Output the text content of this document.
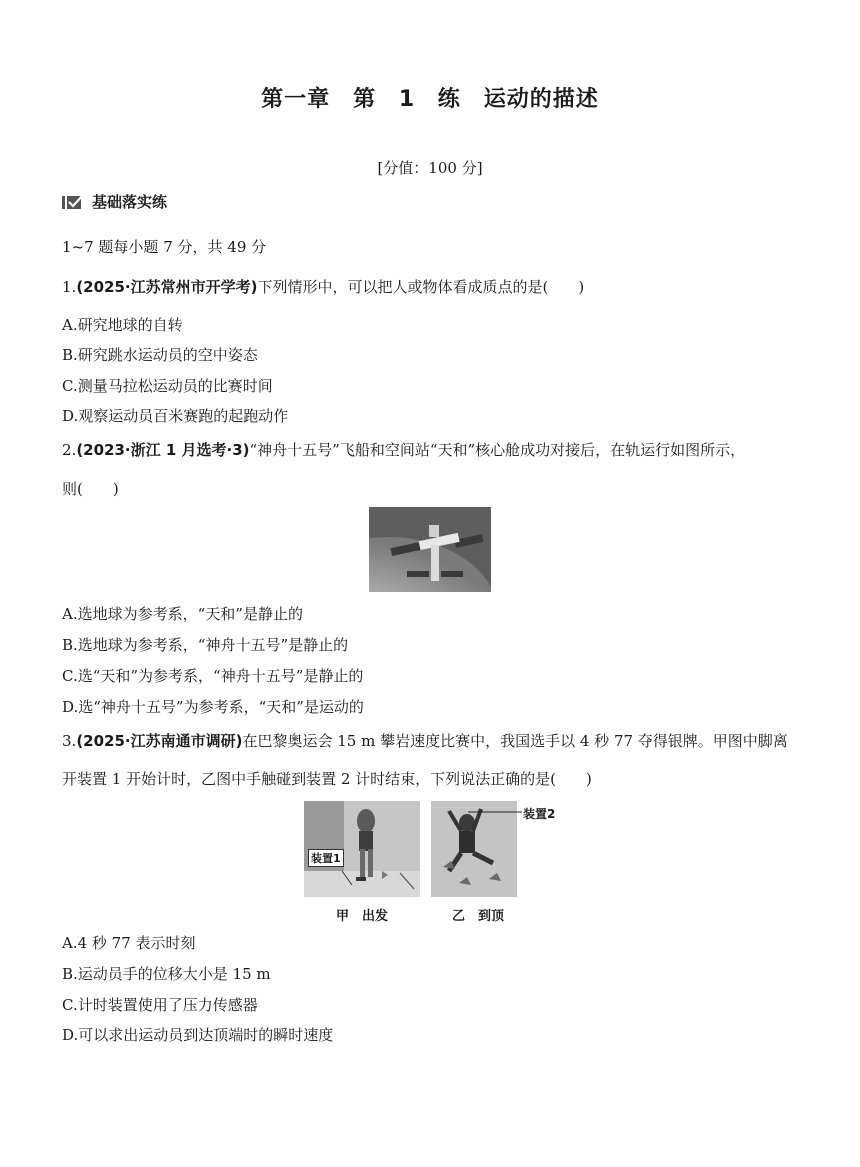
第一章　第 1 练　运动的描述
[分值：100 分]
基础落实练
1~7 题每小题 7 分，共 49 分
1.(2025·江苏常州市开学考)下列情形中，可以把人或物体看成质点的是(　　)
A.研究地球的自转
B.研究跳水运动员的空中姿态
C.测量马拉松运动员的比赛时间
D.观察运动员百米赛跑的起跑动作
2.(2023·浙江 1 月选考·3)“神舟十五号”飞船和空间站“天和”核心舱成功对接后，在轨运行如图所示，
则(　　)
A.选地球为参考系，“天和”是静止的
B.选地球为参考系，“神舟十五号”是静止的
C.选“天和”为参考系，“神舟十五号”是静止的
D.选“神舟十五号”为参考系，“天和”是运动的
3.(2025·江苏南通市调研)在巴黎奥运会 15 m 攀岩速度比赛中，我国选手以 4 秒 77 夺得银牌。甲图中脚离
开装置 1 开始计时，乙图中手触碰到装置 2 计时结束，下列说法正确的是(　　)
装置1
装置2
甲　出发	乙　到顶
A.4 秒 77 表示时刻
B.运动员手的位移大小是 15 m
C.计时装置使用了压力传感器
D.可以求出运动员到达顶端时的瞬时速度
